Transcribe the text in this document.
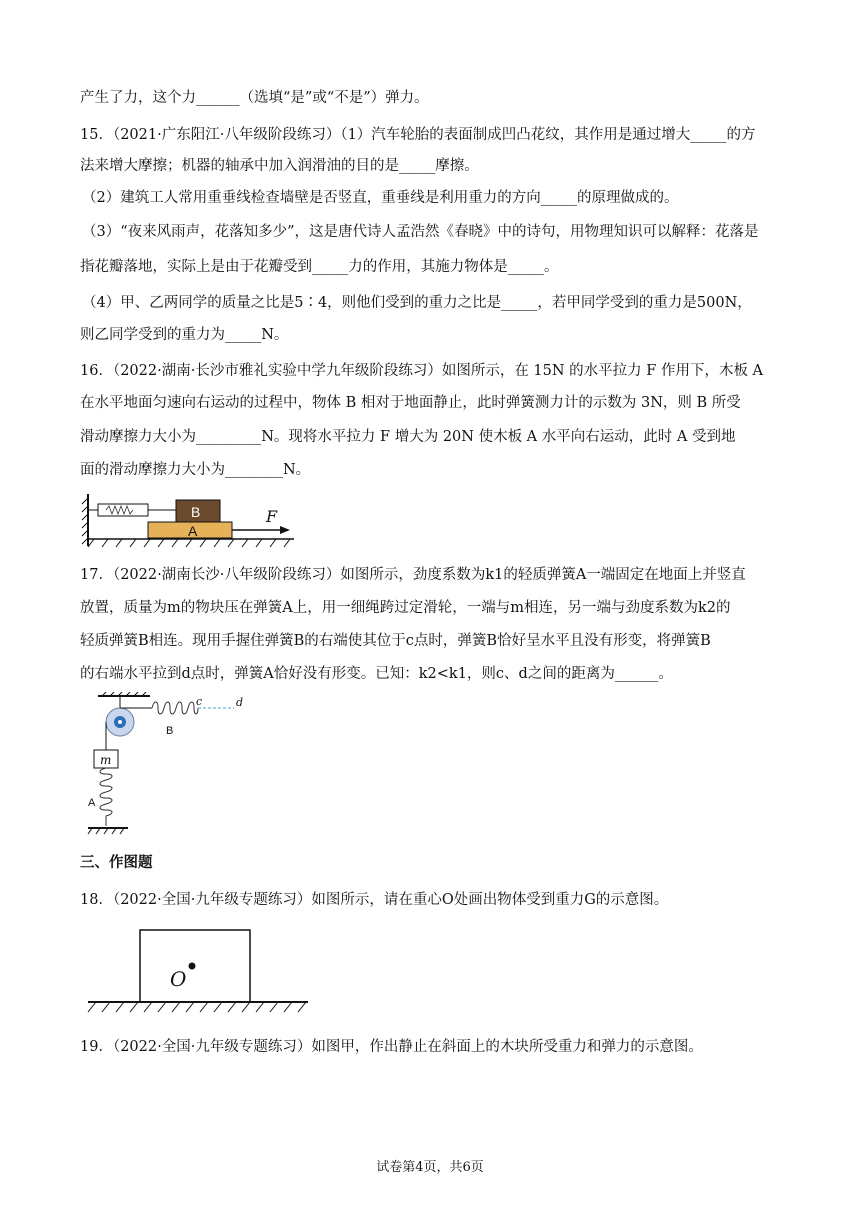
产生了力，这个力______（选填“是”或“不是”）弹力。
15．（2021·广东阳江·八年级阶段练习）（1）汽车轮胎的表面制成凹凸花纹，其作用是通过增大_____的方
法来增大摩擦；机器的轴承中加入润滑油的目的是_____摩擦。
（2）建筑工人常用重垂线检查墙壁是否竖直，重垂线是利用重力的方向_____的原理做成的。
（3）“夜来风雨声，花落知多少”，这是唐代诗人孟浩然《春晓》中的诗句，用物理知识可以解释：花落是
指花瓣落地，实际上是由于花瓣受到_____力的作用，其施力物体是_____。
（4）甲、乙两同学的质量之比是5∶4，则他们受到的重力之比是_____，若甲同学受到的重力是500N，
则乙同学受到的重力为_____N。
16．（2022·湖南·长沙市雅礼实验中学九年级阶段练习）如图所示，在 15N 的水平拉力 F 作用下，木板 A
在水平地面匀速向右运动的过程中，物体 B 相对于地面静止，此时弹簧测力计的示数为 3N，则 B 所受
滑动摩擦力大小为_________N。现将水平拉力 F 增大为 20N 使木板 A 水平向右运动，此时 A 受到地
面的滑动摩擦力大小为________N。
B
A
F
17．（2022·湖南长沙·八年级阶段练习）如图所示，劲度系数为k1的轻质弹簧A一端固定在地面上并竖直
放置，质量为m的物块压在弹簧A上，用一细绳跨过定滑轮，一端与m相连，另一端与劲度系数为k2的
轻质弹簧B相连。现用手握住弹簧B的右端使其位于c点时，弹簧B恰好呈水平且没有形变，将弹簧B
的右端水平拉到d点时，弹簧A恰好没有形变。已知：k2<k1，则c、d之间的距离为______。
c	d
B
m
A
三、作图题
18．（2022·全国·九年级专题练习）如图所示，请在重心O处画出物体受到重力G的示意图。
O
19．（2022·全国·九年级专题练习）如图甲，作出静止在斜面上的木块所受重力和弹力的示意图。
试卷第4页，共6页
